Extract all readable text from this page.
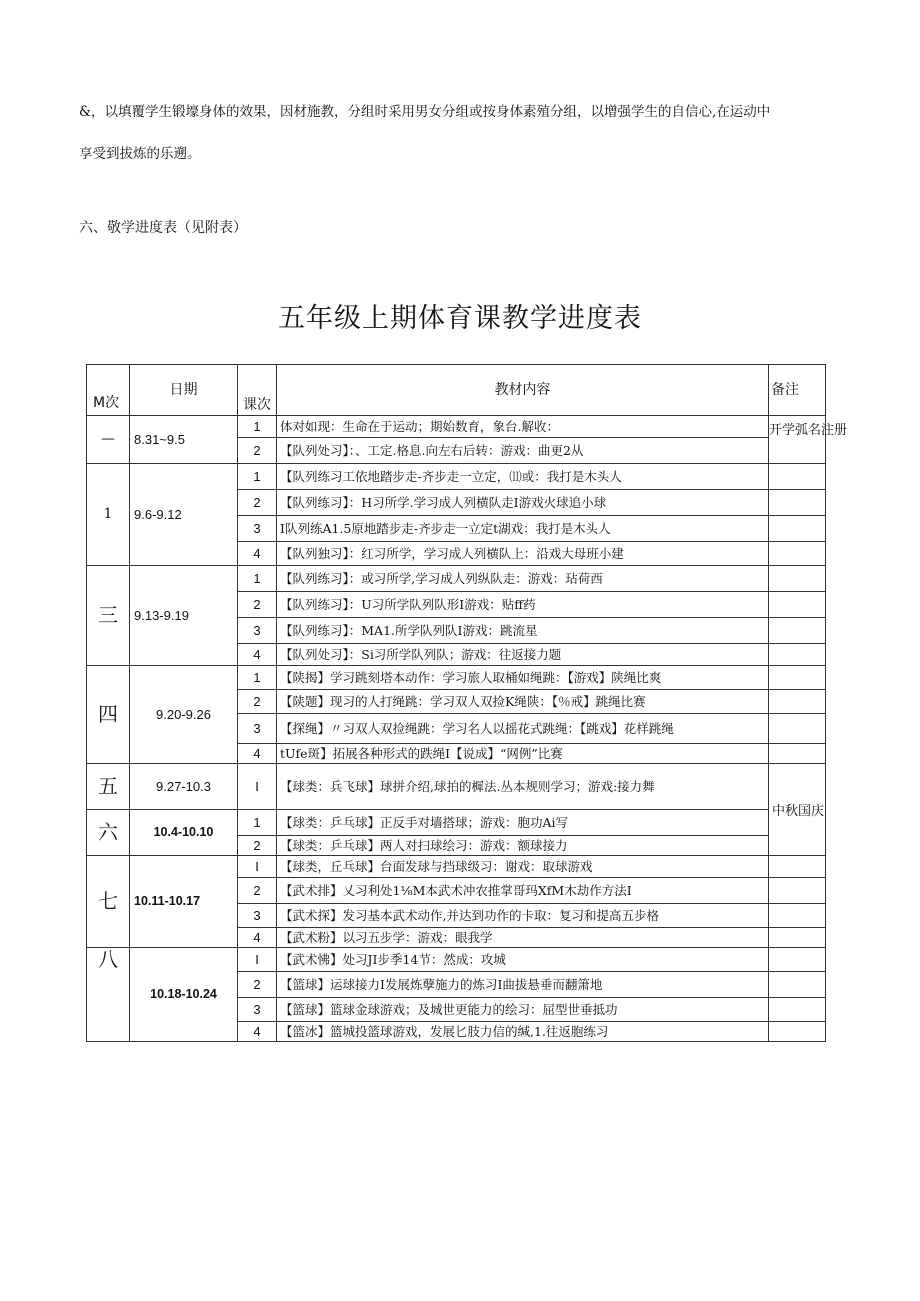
&，以填覆学生锻壕身体的效果，因材施教，分组时采用男女分组或按身体素殖分组，以增强学生的自信心,在运动中
享受到拔炼的乐遡。
六、敬学进度表（见附表）
五年级上期体育课教学进度表
M次	日期	课次	教材内容	备注
—	8.31~9.5	1	体对如现：生命在于运动；期始数育，象台.解收：	开学弧名注册
		2	【队列处习】：、工定.格息.向左右后转：游戏：曲更2从	
1	9.6-9.12	1	【队列练习工依地踏步走-齐步走一立定，⑾或：我打是木头人	
		2	【队列练习】：H习所学.学习成人列横队走I游戏火球追小球	
		3	I队列练A1.5原地踏步走-齐步走一立定t湖戏：我打是木头人	
		4	【队列独习】：红习所学，学习成人列横队上：沿戏大母班小建	
三	9.13-9.19	1	【队列练习】：或习所学,学习成人列纵队走：游戏：玷荷西	
		2	【队列练习】：U习所学队列队形I游戏：贴ff药	
		3	【队列练习】：MA1.所学队列队I游戏：跳流星	
		4	【队列处习】：Si习所学队列队；游戏：往返接力题	
四	9.20-9.26	1	【陕揭】学习跳刻塔本动作：学习旅人取桶如绳跳：【游戏】陕绳比爽	
		2	【陕题】现习的人打绳跳：学习双人双捡K绳陕：【％戒】跳绳比赛	
		3	【探绳】〃习双人双捡绳跳：学习名人以摇花式跳绳：【跳戏】花样跳绳	
		4	tUfe斑】拓展各种形式的跌绳I【说成】“网例”比赛	
五	9.27-10.3	I	【球类：兵飞球】球拼介绍,球拍的樨法.丛本规则学习；游戏:接力舞	中秋国庆
六	10.4-10.10	1	【球类：乒乓球】正反手对墙搭球；游戏：胞功Ai写	
		2	【球类：乒乓球】两人对扫球绘习：游戏：额球接力	
七	10.11-10.17	I	【球类，丘乓球】台面发球与挡球级习：谢戏：取球游戏	
		2	【武术排】乂习利处1⅛M本武术冲农推掌哥玛XfM木劫作方法I	
		3	【武术探】发习基本武术动作,并达到功作的卡取：复习和提高五步格	
		4	【武术粉】以习五步学：游戏：眼我学	
八	10.18-10.24	I	【武术怫】处习JI步季14节：然成：攻城	
		2	【篮球】运球接力I发展炼孽施力的炼习I曲拔悬垂而翻箫地	
		3	【篮球】篮球金球游戏；及城世更能力的绘习：屈型世垂抵功	
		4	【篮冰】篮城投篮球游戏，发展匕肢力信的缄,1.往返胞练习	
